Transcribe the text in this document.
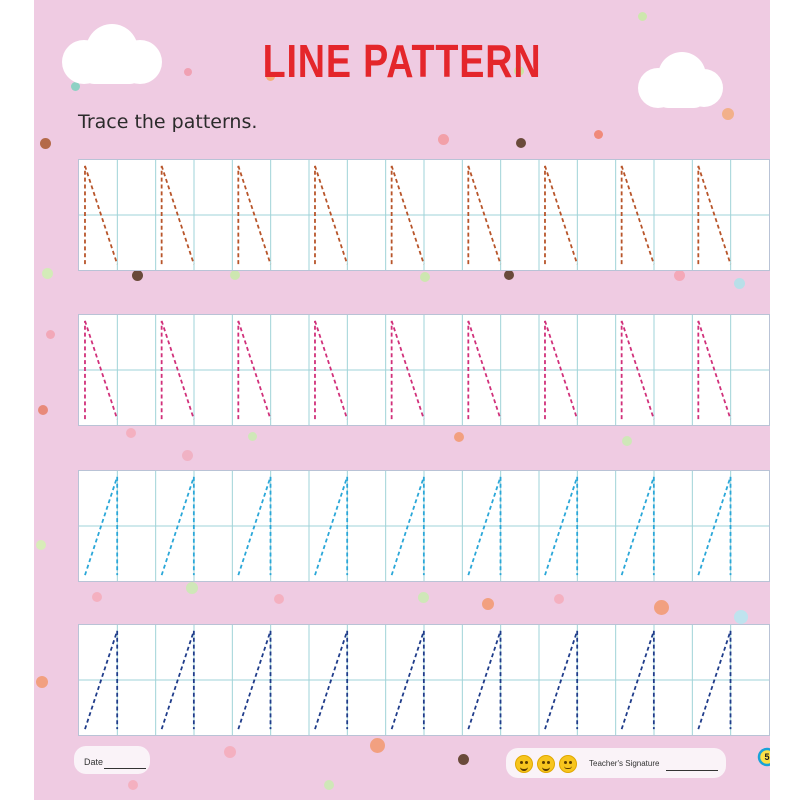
LINE PATTERN

Trace the patterns.

Date	Teacher's Signature
5
